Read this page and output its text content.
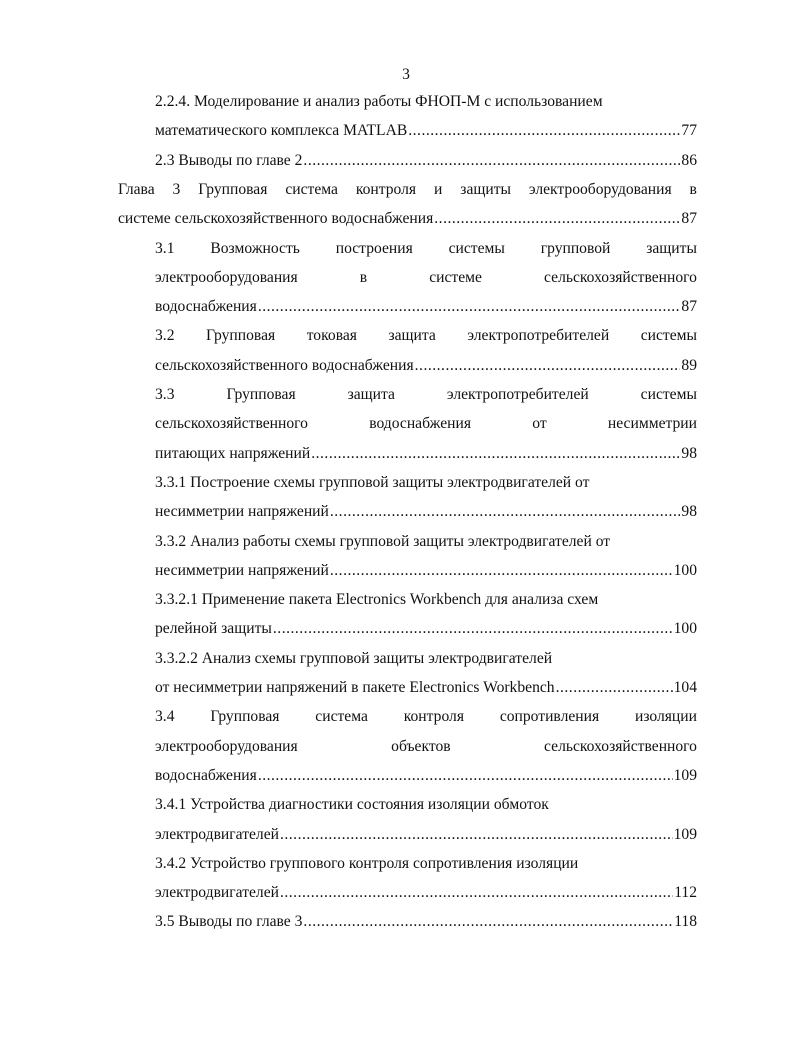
3
2.2.4. Моделирование и анализ работы ФНОП-М с использованием
математического комплекса MATLAB .....	77
2.3 Выводы по главе 2 .....	86
Глава 3 Групповая система контроля и защиты электрооборудования в
системе сельскохозяйственного водоснабжения .....	87
3.1 Возможность построения системы групповой защиты
электрооборудования	в	системе	сельскохозяйственного
водоснабжения .....	87
3.2 Групповая токовая защита электропотребителей системы
сельскохозяйственного водоснабжения .....	89
3.3	Групповая	защита	электропотребителей	системы
сельскохозяйственного	водоснабжения	от	несимметрии
питающих напряжений .....	98
3.3.1 Построение схемы групповой защиты электродвигателей от
несимметрии напряжений .....	98
3.3.2 Анализ работы схемы групповой защиты электродвигателей от
несимметрии напряжений .....	100
3.3.2.1 Применение пакета Electronics Workbench для анализа схем
релейной защиты .....	100
3.3.2.2 Анализ схемы групповой защиты электродвигателей
от несимметрии напряжений в пакете Electronics Workbench .....	104
3.4 Групповая система контроля сопротивления изоляции
электрооборудования	объектов	сельскохозяйственного
водоснабжения .....	109
3.4.1 Устройства диагностики состояния изоляции обмоток
электродвигателей .....	109
3.4.2 Устройство группового контроля сопротивления изоляции
электродвигателей .....	112
3.5 Выводы по главе 3 .....	118
